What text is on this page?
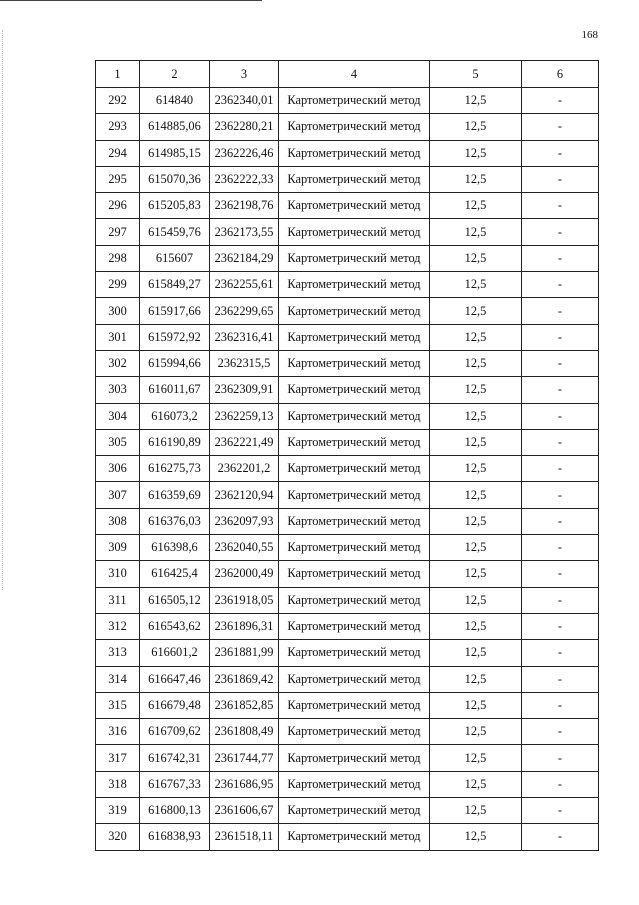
168
1	2	3	4	5	6
292	614840	2362340,01	Картометрический метод	12,5	-
293	614885,06	2362280,21	Картометрический метод	12,5	-
294	614985,15	2362226,46	Картометрический метод	12,5	-
295	615070,36	2362222,33	Картометрический метод	12,5	-
296	615205,83	2362198,76	Картометрический метод	12,5	-
297	615459,76	2362173,55	Картометрический метод	12,5	-
298	615607	2362184,29	Картометрический метод	12,5	-
299	615849,27	2362255,61	Картометрический метод	12,5	-
300	615917,66	2362299,65	Картометрический метод	12,5	-
301	615972,92	2362316,41	Картометрический метод	12,5	-
302	615994,66	2362315,5	Картометрический метод	12,5	-
303	616011,67	2362309,91	Картометрический метод	12,5	-
304	616073,2	2362259,13	Картометрический метод	12,5	-
305	616190,89	2362221,49	Картометрический метод	12,5	-
306	616275,73	2362201,2	Картометрический метод	12,5	-
307	616359,69	2362120,94	Картометрический метод	12,5	-
308	616376,03	2362097,93	Картометрический метод	12,5	-
309	616398,6	2362040,55	Картометрический метод	12,5	-
310	616425,4	2362000,49	Картометрический метод	12,5	-
311	616505,12	2361918,05	Картометрический метод	12,5	-
312	616543,62	2361896,31	Картометрический метод	12,5	-
313	616601,2	2361881,99	Картометрический метод	12,5	-
314	616647,46	2361869,42	Картометрический метод	12,5	-
315	616679,48	2361852,85	Картометрический метод	12,5	-
316	616709,62	2361808,49	Картометрический метод	12,5	-
317	616742,31	2361744,77	Картометрический метод	12,5	-
318	616767,33	2361686,95	Картометрический метод	12,5	-
319	616800,13	2361606,67	Картометрический метод	12,5	-
320	616838,93	2361518,11	Картометрический метод	12,5	-
